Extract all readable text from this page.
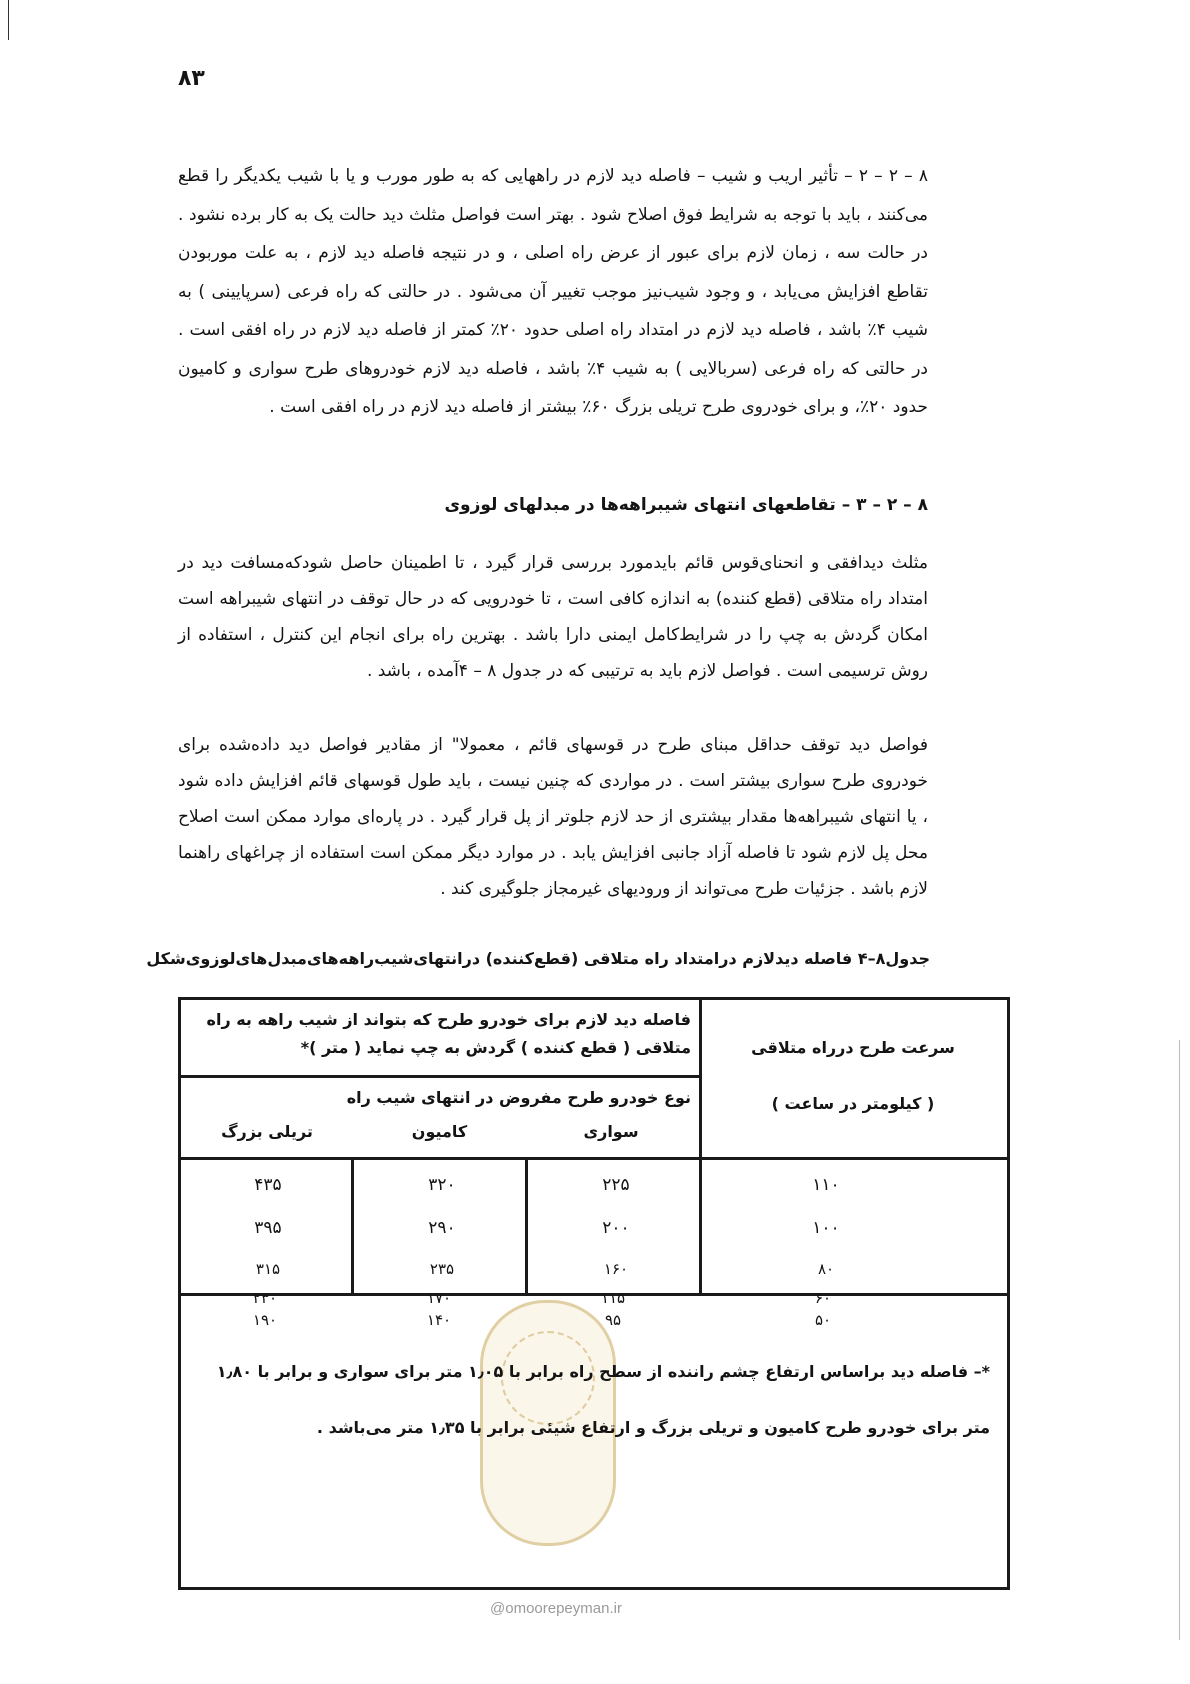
۸۳
۸ – ۲ – ۲ – تأثیر اریب و شیب – فاصله دید لازم در راههایی که به طور مورب و یا با شیب یکدیگر را قطع می‌کنند ، باید با توجه به شرایط فوق اصلاح شود . بهتر است فواصل مثلث دید حالت یک به کار برده نشود . در حالت سه ، زمان لازم برای عبور از عرض راه اصلی ، و در نتیجه فاصله دید لازم ، به علت موربودن تقاطع افزایش می‌یابد ، و وجود شیب‌نیز موجب تغییر آن می‌شود . در حالتی که راه فرعی (سرپایینی ) به شیب ۴٪ باشد ، فاصله دید لازم در امتداد راه اصلی حدود ۲۰٪ کمتر از فاصله دید لازم در راه افقی است . در حالتی که راه فرعی (سربالایی ) به شیب ۴٪ باشد ، فاصله دید لازم خودروهای طرح سواری و کامیون حدود ۲۰٪، و برای خودروی طرح تریلی بزرگ ۶۰٪ بیشتر از فاصله دید لازم در راه افقی است .
۸ – ۲ – ۳ – تقاطعهای انتهای شیبراهه‌ها در مبدلهای لوزوی
مثلث دیدافقی و انحنای‌قوس قائم بایدمورد بررسی قرار گیرد ، تا اطمینان حاصل شودکه‌مسافت دید در امتداد راه متلاقی (قطع کننده) به اندازه کافی است ، تا خودرویی که در حال توقف در انتهای شیبراهه است امکان گردش به چپ را در شرایط‌کامل ایمنی دارا باشد . بهترین راه برای انجام این کنترل ، استفاده از روش ترسیمی است . فواصل لازم باید به ترتیبی که در جدول ۸ – ۴آمده ، باشد .
فواصل دید توقف حداقل مبنای طرح در قوسهای قائم ، معمولا" از مقادیر فواصل دید داده‌شده برای خودروی طرح سواری بیشتر است . در مواردی که چنین نیست ، باید طول قوسهای قائم افزایش داده شود ، یا انتهای شیبراهه‌ها مقدار بیشتری از حد لازم جلوتر از پل قرار گیرد . در پاره‌ای موارد ممکن است اصلاح محل پل لازم شود تا فاصله آزاد جانبی افزایش یابد . در موارد دیگر ممکن است استفاده از چراغهای راهنما لازم باشد . جزئیات طرح می‌تواند از ورودیهای غیرمجاز جلوگیری کند .
جدول۸–۴ فاصله دیدلازم درامتداد راه متلاقی (قطع‌کننده) درانتهای‌شیب‌راهه‌های‌مبدل‌های‌لوزوی‌شکل
سرعت طرح درراه متلاقی
( کیلومتر در ساعت )
فاصله دید لازم برای خودرو طرح که بتواند از شیب راهه به راه متلاقی ( قطع کننده ) گردش به چپ نماید ( متر )*
نوع خودرو طرح مفروض در انتهای شیب راه
سواری
کامیون
تریلی بزرگ
۱۱۰
۲۲۵
۳۲۰
۴۳۵
۱۰۰
۲۰۰
۲۹۰
۳۹۵
۸۰
۱۶۰
۲۳۵
۳۱۵
۶۰
۱۱۵
۱۷۰
۲۳۰
۵۰
۹۵
۱۴۰
۱۹۰
*– فاصله دید براساس ارتفاع چشم راننده از سطح راه برابر با ۱٫۰۵ متر برای سواری و برابر با ۱٫۸۰
متر برای خودرو طرح کامیون و تریلی بزرگ و ارتفاع شیئی برابر با ۱٫۳۵ متر می‌باشد .
@omoorepeyman.ir
